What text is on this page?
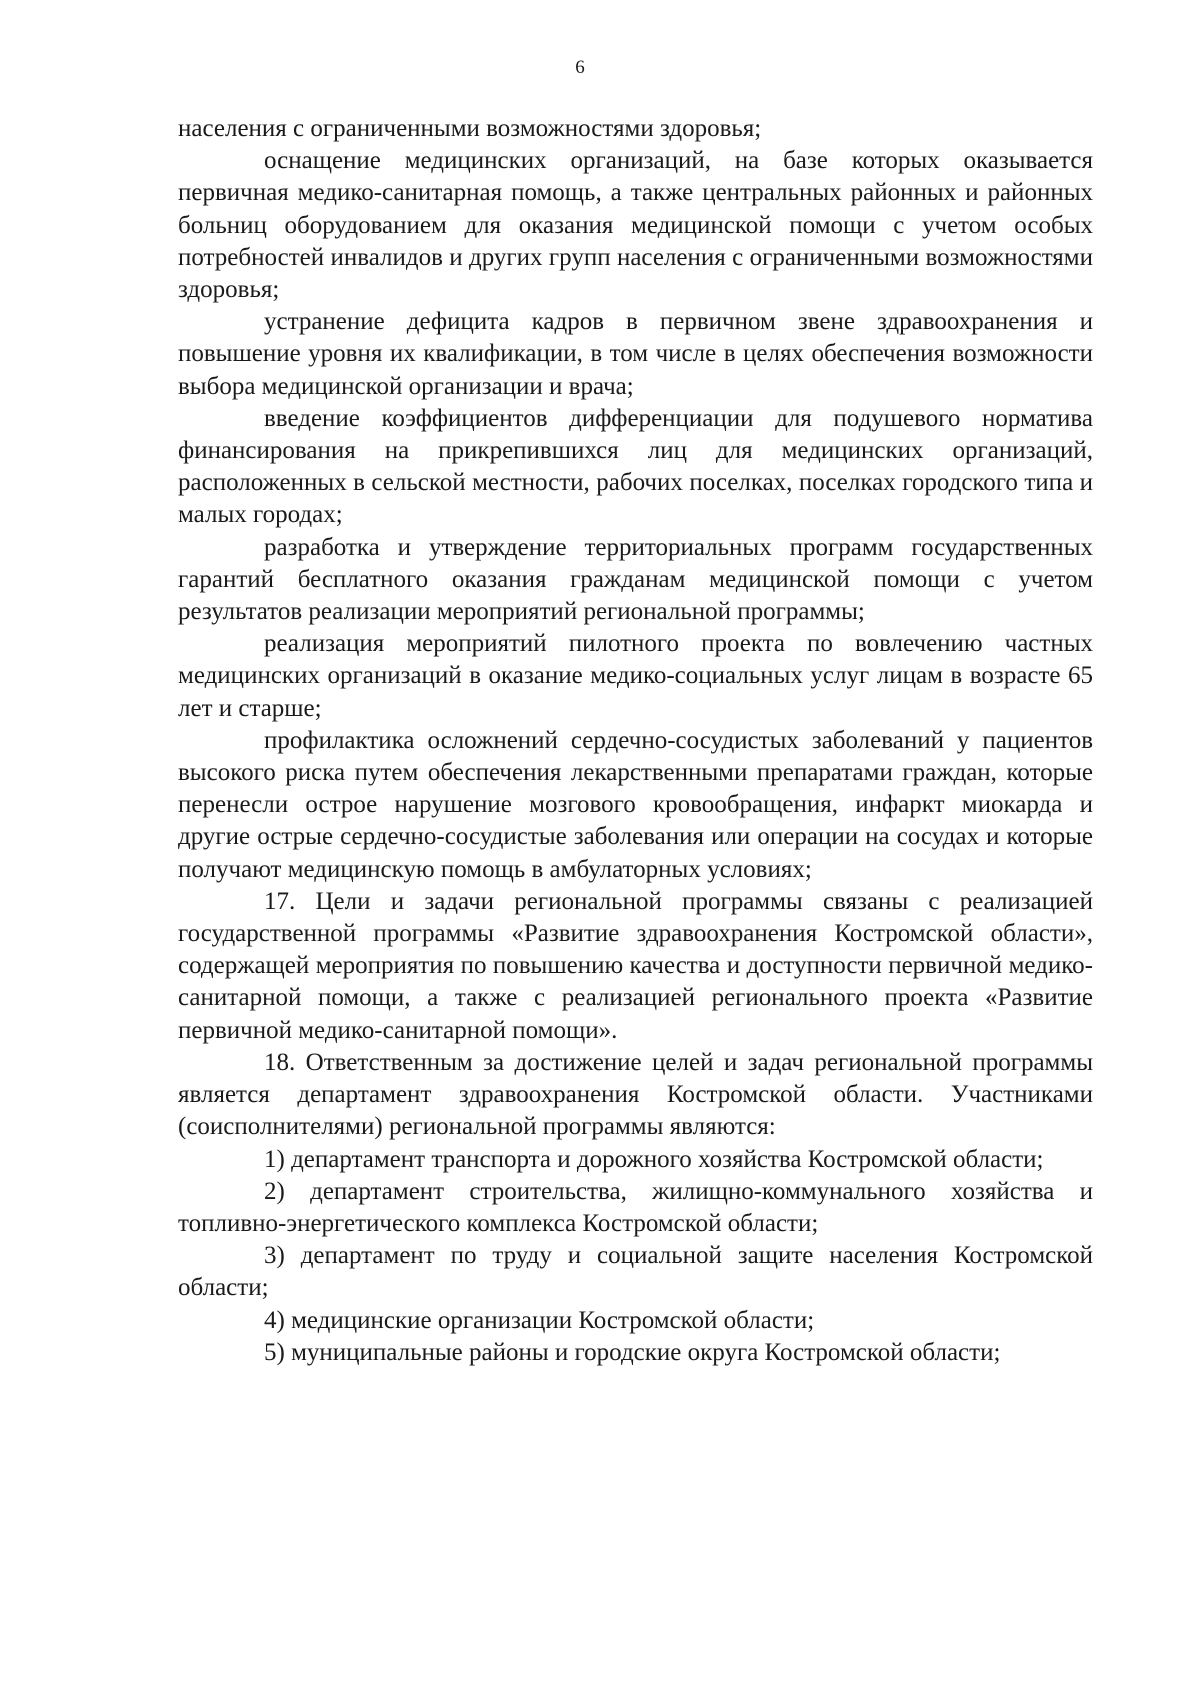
6

населения с ограниченными возможностями здоровья;

оснащение медицинских организаций, на базе которых оказывается первичная медико-санитарная помощь, а также центральных районных и районных больниц оборудованием для оказания медицинской помощи с учетом особых потребностей инвалидов и других групп населения с ограниченными возможностями здоровья;

устранение дефицита кадров в первичном звене здравоохранения и повышение уровня их квалификации, в том числе в целях обеспечения возможности выбора медицинской организации и врача;

введение коэффициентов дифференциации для подушевого норматива финансирования на прикрепившихся лиц для медицинских организаций, расположенных в сельской местности, рабочих поселках, поселках городского типа и малых городах;

разработка и утверждение территориальных программ государственных гарантий бесплатного оказания гражданам медицинской помощи с учетом результатов реализации мероприятий региональной программы;

реализация мероприятий пилотного проекта по вовлечению частных медицинских организаций в оказание медико-социальных услуг лицам в возрасте 65 лет и старше;

профилактика осложнений сердечно-сосудистых заболеваний у пациентов высокого риска путем обеспечения лекарственными препаратами граждан, которые перенесли острое нарушение мозгового кровообращения, инфаркт миокарда и другие острые сердечно-сосудистые заболевания или операции на сосудах и которые получают медицинскую помощь в амбулаторных условиях;

17. Цели и задачи региональной программы связаны с реализацией государственной программы «Развитие здравоохранения Костромской области», содержащей мероприятия по повышению качества и доступности первичной медико-санитарной помощи, а также с реализацией регионального проекта «Развитие первичной медико-санитарной помощи».

18. Ответственным за достижение целей и задач региональной программы является департамент здравоохранения Костромской области. Участниками (соисполнителями) региональной программы являются:

1) департамент транспорта и дорожного хозяйства Костромской области;

2) департамент строительства, жилищно-коммунального хозяйства и топливно-энергетического комплекса Костромской области;

3) департамент по труду и социальной защите населения Костромской области;

4) медицинские организации Костромской области;

5) муниципальные районы и городские округа Костромской области;
